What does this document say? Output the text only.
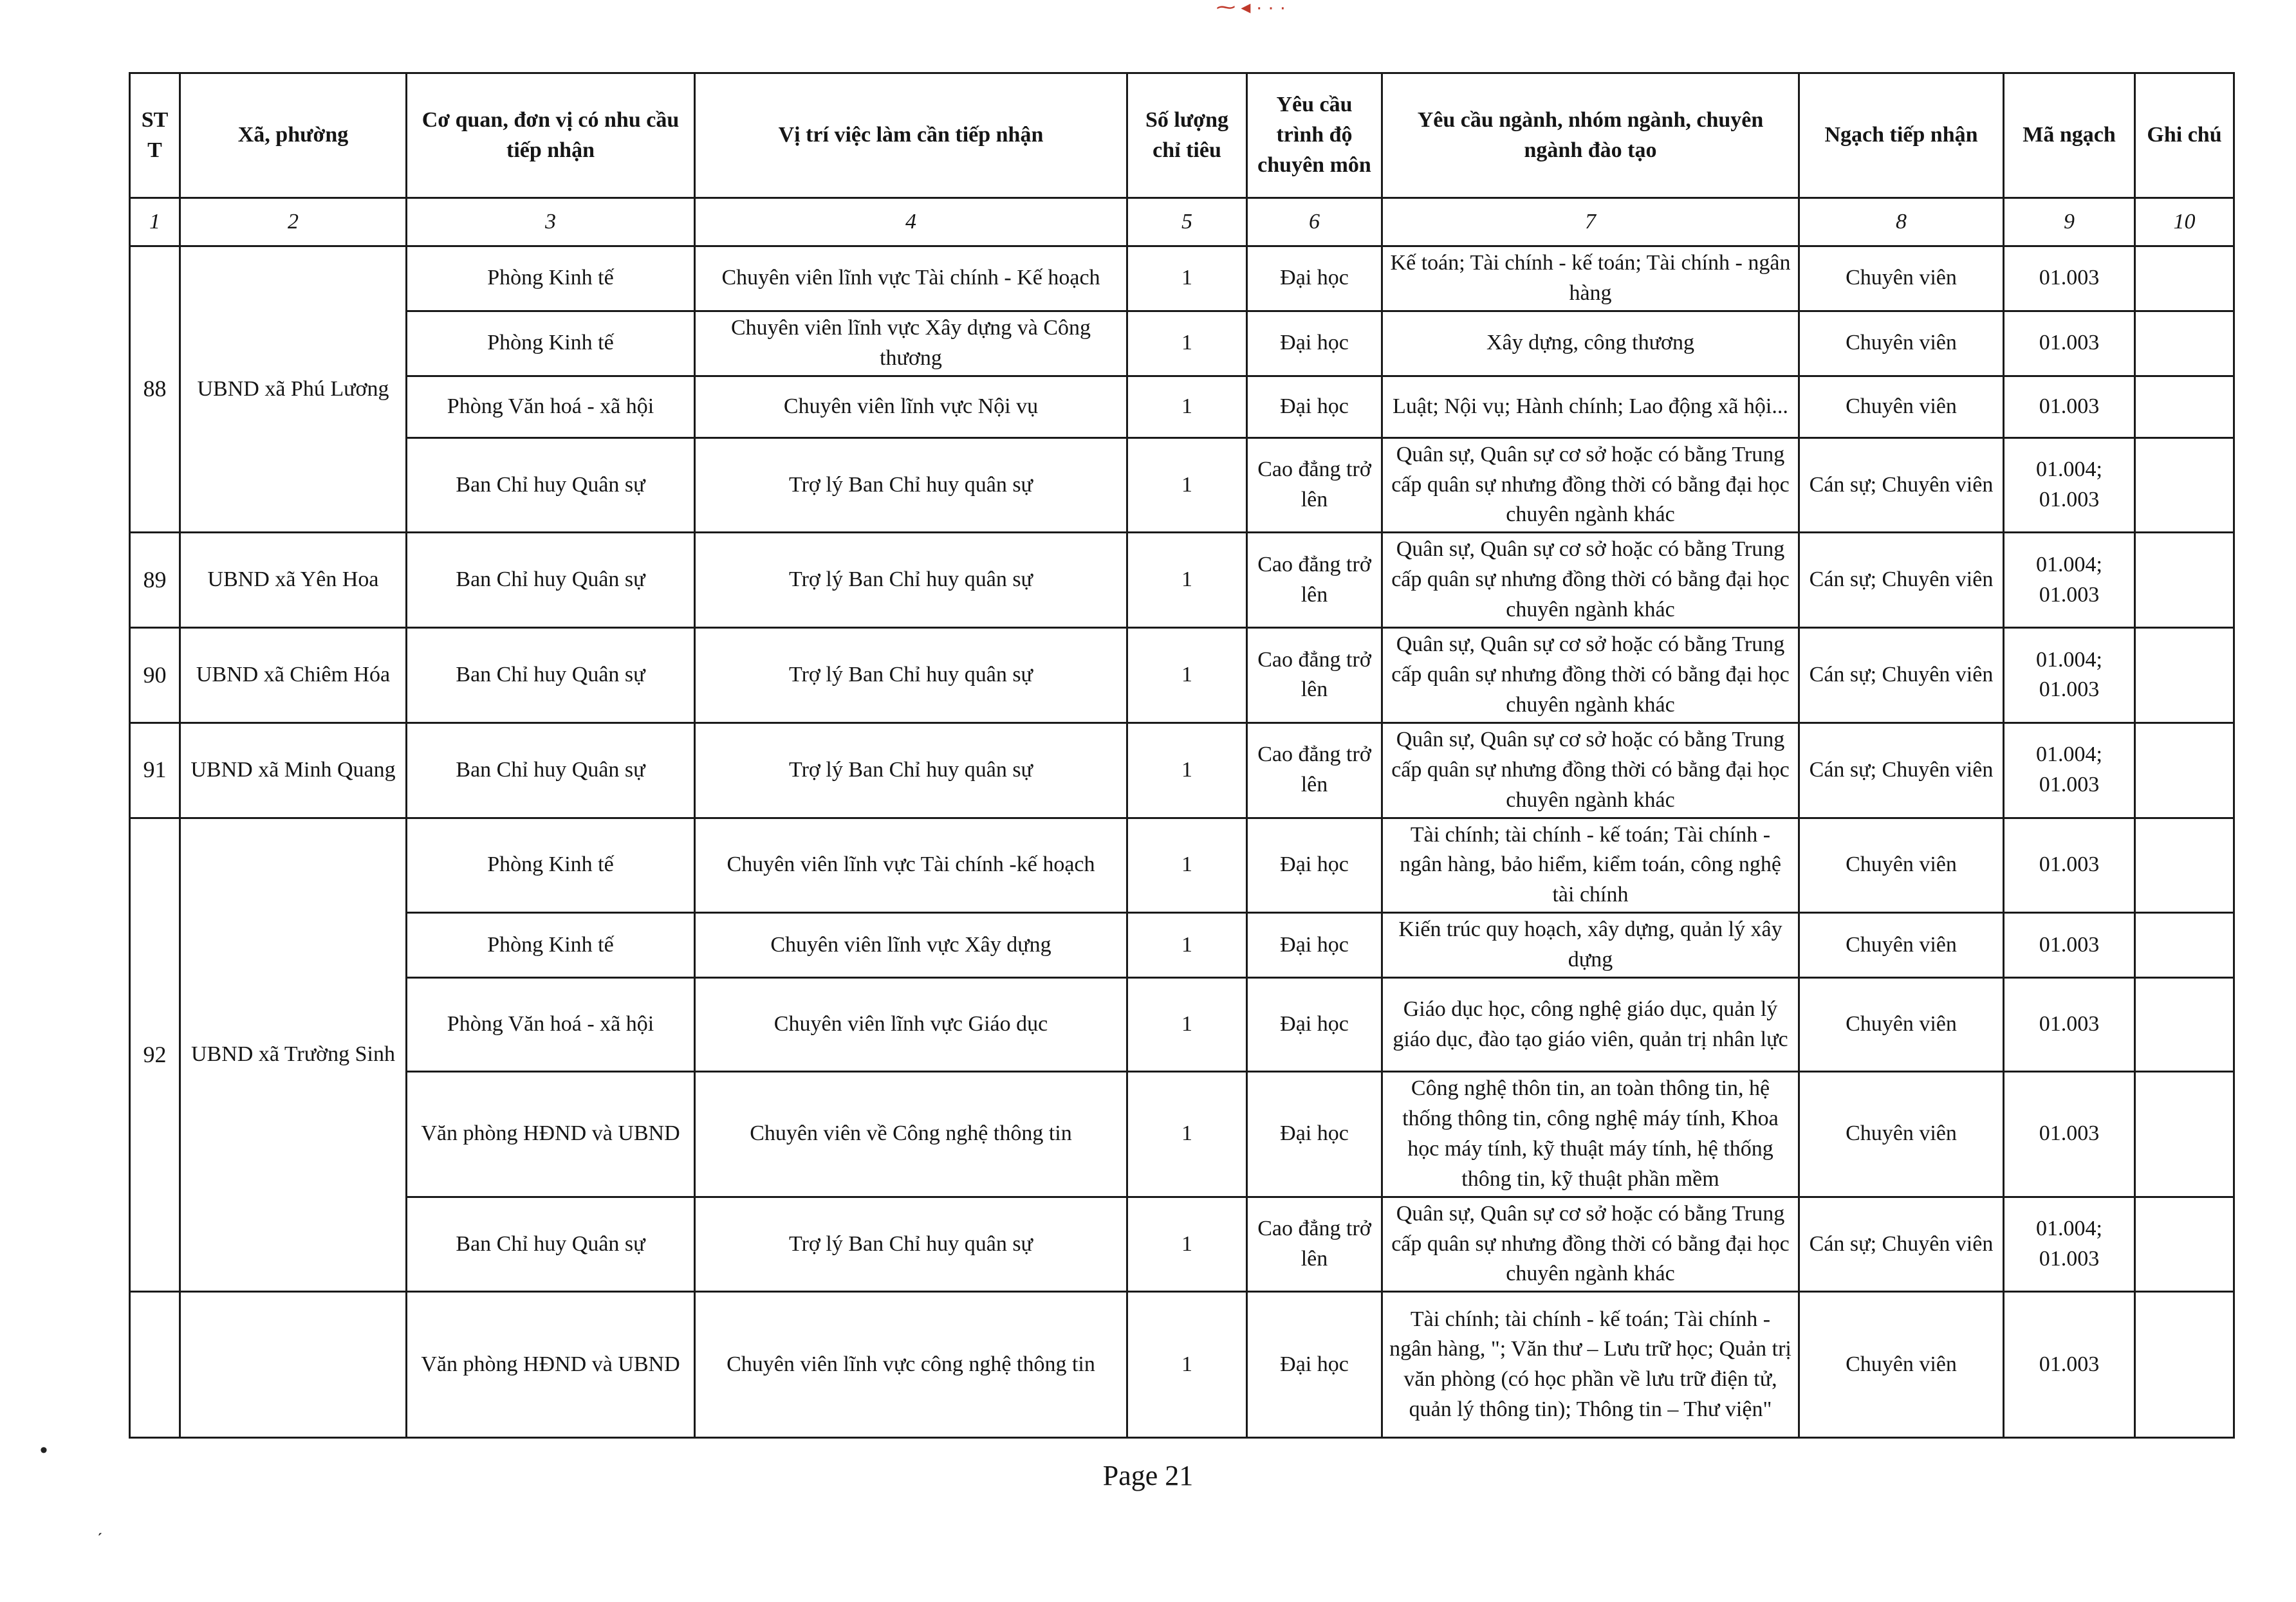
⁓ ◂ · · ·
STT	Xã, phường	Cơ quan, đơn vị có nhu cầu tiếp nhận	Vị trí việc làm cần tiếp nhận	Số lượng chỉ tiêu	Yêu cầu trình độ chuyên môn	Yêu cầu ngành, nhóm ngành, chuyên ngành đào tạo	Ngạch tiếp nhận	Mã ngạch	Ghi chú
1	2	3	4	5	6	7	8	9	10
88	UBND xã Phú Lương	Phòng Kinh tế	Chuyên viên lĩnh vực Tài chính - Kế hoạch	1	Đại học	Kế toán; Tài chính - kế toán; Tài chính - ngân hàng	Chuyên viên	01.003	
		Phòng Kinh tế	Chuyên viên lĩnh vực Xây dựng và Công thương	1	Đại học	Xây dựng, công thương	Chuyên viên	01.003	
		Phòng Văn hoá - xã hội	Chuyên viên lĩnh vực Nội vụ	1	Đại học	Luật; Nội vụ; Hành chính; Lao động xã hội...	Chuyên viên	01.003	
		Ban Chỉ huy Quân sự	Trợ lý Ban Chỉ huy quân sự	1	Cao đẳng trở lên	Quân sự, Quân sự cơ sở hoặc có bằng Trung cấp quân sự nhưng đồng thời có bằng đại học chuyên ngành khác	Cán sự; Chuyên viên	01.004; 01.003	
89	UBND xã Yên Hoa	Ban Chỉ huy Quân sự	Trợ lý Ban Chỉ huy quân sự	1	Cao đẳng trở lên	Quân sự, Quân sự cơ sở hoặc có bằng Trung cấp quân sự nhưng đồng thời có bằng đại học chuyên ngành khác	Cán sự; Chuyên viên	01.004; 01.003	
90	UBND xã Chiêm Hóa	Ban Chỉ huy Quân sự	Trợ lý Ban Chỉ huy quân sự	1	Cao đẳng trở lên	Quân sự, Quân sự cơ sở hoặc có bằng Trung cấp quân sự nhưng đồng thời có bằng đại học chuyên ngành khác	Cán sự; Chuyên viên	01.004; 01.003	
91	UBND xã Minh Quang	Ban Chỉ huy Quân sự	Trợ lý Ban Chỉ huy quân sự	1	Cao đẳng trở lên	Quân sự, Quân sự cơ sở hoặc có bằng Trung cấp quân sự nhưng đồng thời có bằng đại học chuyên ngành khác	Cán sự; Chuyên viên	01.004; 01.003	
92	UBND xã Trường Sinh	Phòng Kinh tế	Chuyên viên lĩnh vực Tài chính -kế hoạch	1	Đại học	Tài chính; tài chính - kế toán; Tài chính - ngân hàng, bảo hiểm, kiểm toán, công nghệ tài chính	Chuyên viên	01.003	
		Phòng Kinh tế	Chuyên viên lĩnh vực Xây dựng	1	Đại học	Kiến trúc quy hoạch, xây dựng, quản lý xây dựng	Chuyên viên	01.003	
		Phòng Văn hoá - xã hội	Chuyên viên lĩnh vực Giáo dục	1	Đại học	Giáo dục học, công nghệ giáo dục, quản lý giáo dục, đào tạo giáo viên, quản trị nhân lực	Chuyên viên	01.003	
		Văn phòng HĐND và UBND	Chuyên viên về Công nghệ thông tin	1	Đại học	Công nghệ thôn tin, an toàn thông tin, hệ thống thông tin, công nghệ máy tính, Khoa học máy tính, kỹ thuật máy tính, hệ thống thông tin, kỹ thuật phần mềm	Chuyên viên	01.003	
		Ban Chỉ huy Quân sự	Trợ lý Ban Chỉ huy quân sự	1	Cao đẳng trở lên	Quân sự, Quân sự cơ sở hoặc có bằng Trung cấp quân sự nhưng đồng thời có bằng đại học chuyên ngành khác	Cán sự; Chuyên viên	01.004; 01.003	
		Văn phòng HĐND và UBND	Chuyên viên lĩnh vực công nghệ thông tin	1	Đại học	Tài chính; tài chính - kế toán; Tài chính - ngân hàng, "; Văn thư – Lưu trữ học; Quản trị văn phòng (có học phần về lưu trữ điện tử, quản lý thông tin); Thông tin – Thư viện"	Chuyên viên	01.003	
Page 21
•
ˏ
